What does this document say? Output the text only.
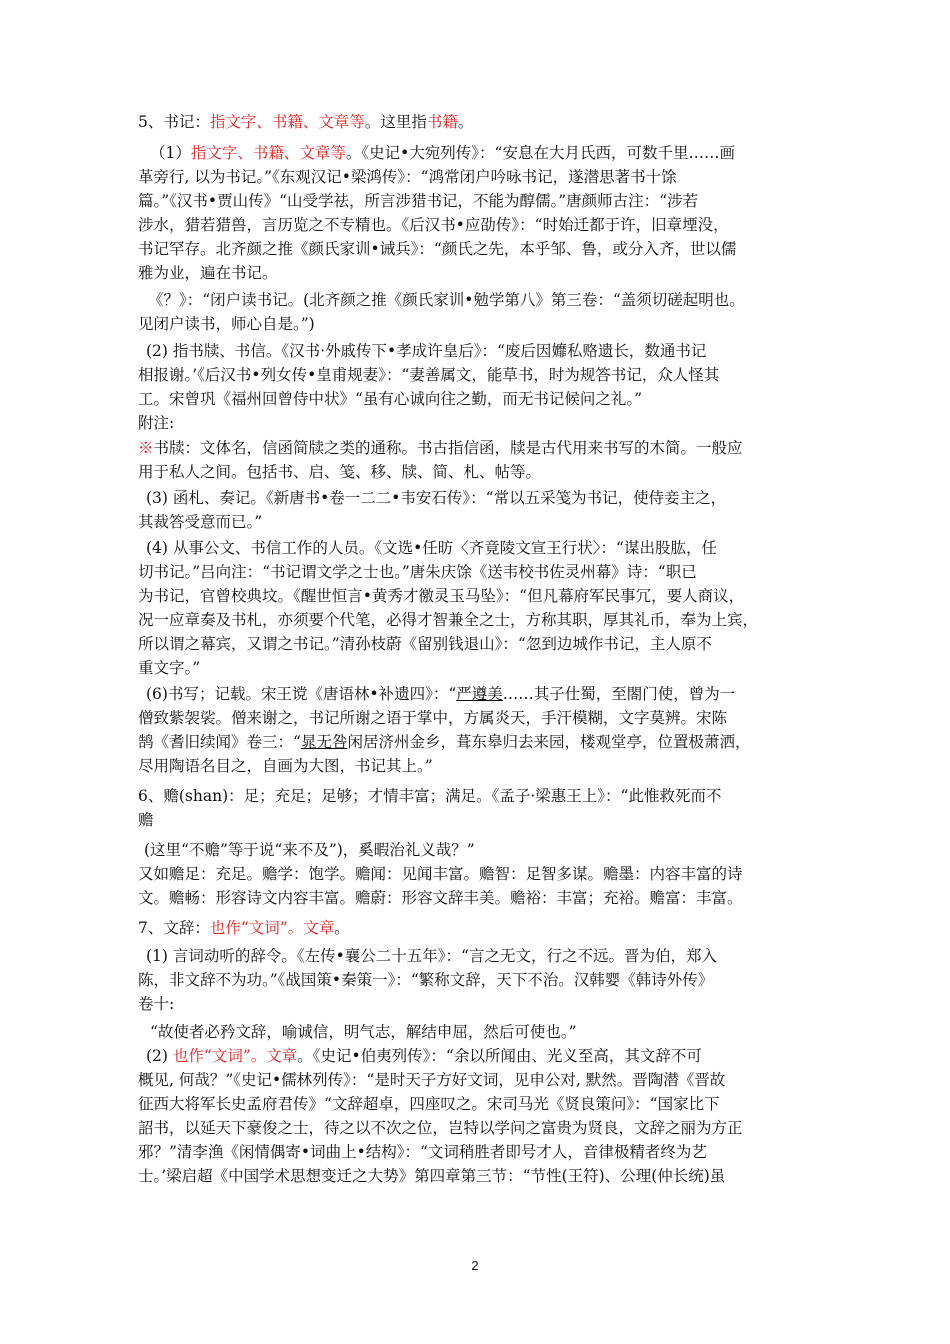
5、书记：指文字、书籍、文章等。这里指书籍。
（1）指文字、书籍、文章等。《史记•大宛列传》：“安息在大月氏西，可数千里……画
革旁行, 以为书记。”《东观汉记•梁鸿传》：“鸿常闭户吟咏书记，遂潜思著书十馀
篇。”《汉书•贾山传》“山受学祛，所言涉猎书记，不能为醇儒。”唐颜师古注：“涉若
涉水，猎若猎兽，言历览之不专精也。《后汉书•应劭传》：“时始迁都于许，旧章堙没，
书记罕存。北齐颜之推《颜氏家训•诫兵》：“颜氏之先，本乎邹、鲁，或分入齐，世以儒
雅为业，遍在书记。
《？》：“闭户读书记。(北齐颜之推《颜氏家训•勉学第八》第三卷：“盖须切磋起明也。
见闭户读书，师心自是。”)
(2) 指书牍、书信。《汉书·外戚传下•孝成许皇后》：“废后因孊私赂遗长，数通书记
相报谢。’《后汉书•列女传•皇甫规妻》：“妻善属文，能草书，时为规答书记，众人怪其
工。宋曾巩《福州回曾侍中状》“虽有心诚向往之勤，而无书记候问之礼。”
附注:
※书牍：文体名，信函简牍之类的通称。书古指信函，牍是古代用来书写的木简。一般应
用于私人之间。包括书、启、笺、移、牍、简、札、帖等。
(3) 函札、奏记。《新唐书•卷一二二•韦安石传》：“常以五采笺为书记，使侍妾主之，
其裁答受意而已。”
(4) 从事公文、书信工作的人员。《文选•任昉〈齐竟陵文宣王行状〉：“谋出股肱，任
切书记。”吕向注：“书记谓文学之士也。”唐朱庆馀《送韦校书佐灵州幕》诗：“职已
为书记，官曾校典坟。《醒世恒言•黄秀才徼灵玉马坠》：“但凡幕府军民事冗，要人商议，
况一应章奏及书札，亦须要个代笔，必得才智兼全之士，方称其职，厚其礼币，奉为上宾，
所以谓之幕宾，又谓之书记。”清孙枝蔚《留别钱退山》：“忽到边城作书记，主人原不
重文字。”
(6)书写；记载。宋王谠《唐语林•补遗四》：“严遵美……其子仕蜀，至閤门使，曾为一
僧致紫袈裟。僧来谢之，书记所谢之语于掌中，方属炎天，手汗模糊，文字莫辨。宋陈
鹄《耆旧续闻》卷三：“晁无咎闲居济州金乡，葺东皋归去来园，楼观堂亭，位置极萧洒，
尽用陶语名目之，自画为大图，书记其上。”
6、赡(shan)：足；充足；足够；才情丰富；满足。《孟子·梁惠王上》：“此惟救死而不
赡
(这里“不赡”等于说“来不及”)，奚暇治礼义哉？”
又如赡足：充足。赡学：饱学。赡闻：见闻丰富。赡智：足智多谋。赡墨：内容丰富的诗
文。赡畅：形容诗文内容丰富。赡蔚：形容文辞丰美。赡裕：丰富；充裕。赡富：丰富。
7、文辞：也作“文词”。文章。
(1) 言词动听的辞令。《左传•襄公二十五年》：“言之无文，行之不远。晋为伯，郑入
陈，非文辞不为功。”《战国策•秦策一》：“繁称文辞，天下不治。汉韩婴《韩诗外传》
卷十:
“故使者必矜文辞，喻诚信，明气志，解结申屈，然后可使也。”
(2) 也作“文词”。文章。《史记•伯夷列传》：“余以所闻由、光义至高，其文辞不可
概见, 何哉？”《史记•儒林列传》：“是时天子方好文词，见申公对, 默然。晋陶潜《晋故
征西大将军长史孟府君传》“文辞超卓，四座叹之。宋司马光《贤良策问》：“国家比下
詔书，以延天下豪俊之士，待之以不次之位，岂特以学问之富贵为贤良，文辞之丽为方正
邪？”清李渔《闲情偶寄•词曲上•结构》：“文词稍胜者即号才人，音律极精者终为艺
士。’梁启超《中国学术思想变迁之大势》第四章第三节：“节性(王符)、公理(仲长统)虽
2
